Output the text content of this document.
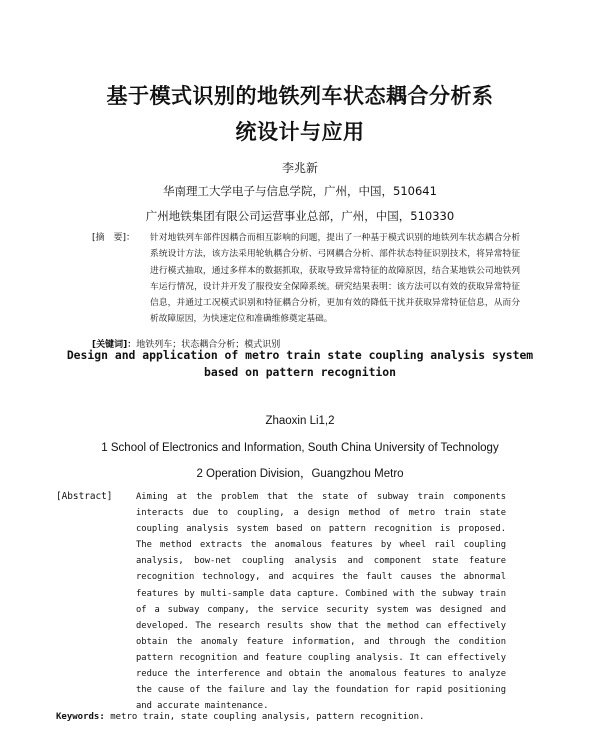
基于模式识别的地铁列车状态耦合分析系
统设计与应用

李兆新

华南理工大学电子与信息学院，广州，中国，510641

广州地铁集团有限公司运营事业总部，广州，中国，510330

[摘　要]： 针对地铁列车部件因耦合而相互影响的问题，提出了一种基于模式识别的地铁列车状态耦合分析系统设计方法，该方法采用轮轨耦合分析、弓网耦合分析、部件状态特征识别技术，将异常特征进行模式抽取，通过多样本的数据抓取，获取导致异常特征的故障原因，结合某地铁公司地铁列车运行情况，设计并开发了服役安全保障系统。研究结果表明：该方法可以有效的获取异常特征信息，并通过工况模式识别和特征耦合分析，更加有效的降低干扰并获取异常特征信息，从而分析故障原因，为快速定位和准确维修奠定基础。

[关键词]：地铁列车；状态耦合分析；模式识别

Design and application of metro train state coupling analysis system based on pattern recognition

Zhaoxin Li1,2

1 School of Electronics and Information, South China University of Technology

2 Operation Division，Guangzhou Metro

[Abstract]	Aiming at the problem that the state of subway train components interacts due to coupling, a design method of metro train state coupling analysis system based on pattern recognition is proposed. The method extracts the anomalous features by wheel rail coupling analysis, bow-net coupling analysis and component state feature recognition technology, and acquires the fault causes the abnormal features by multi-sample data capture. Combined with the subway train of a subway company, the service security system was designed and developed. The research results show that the method can effectively obtain the anomaly feature information, and through the condition pattern recognition and feature coupling analysis. It can effectively reduce the interference and obtain the anomalous features to analyze the cause of the failure and lay the foundation for rapid positioning and accurate maintenance.

Keywords: metro train, state coupling analysis, pattern recognition.
